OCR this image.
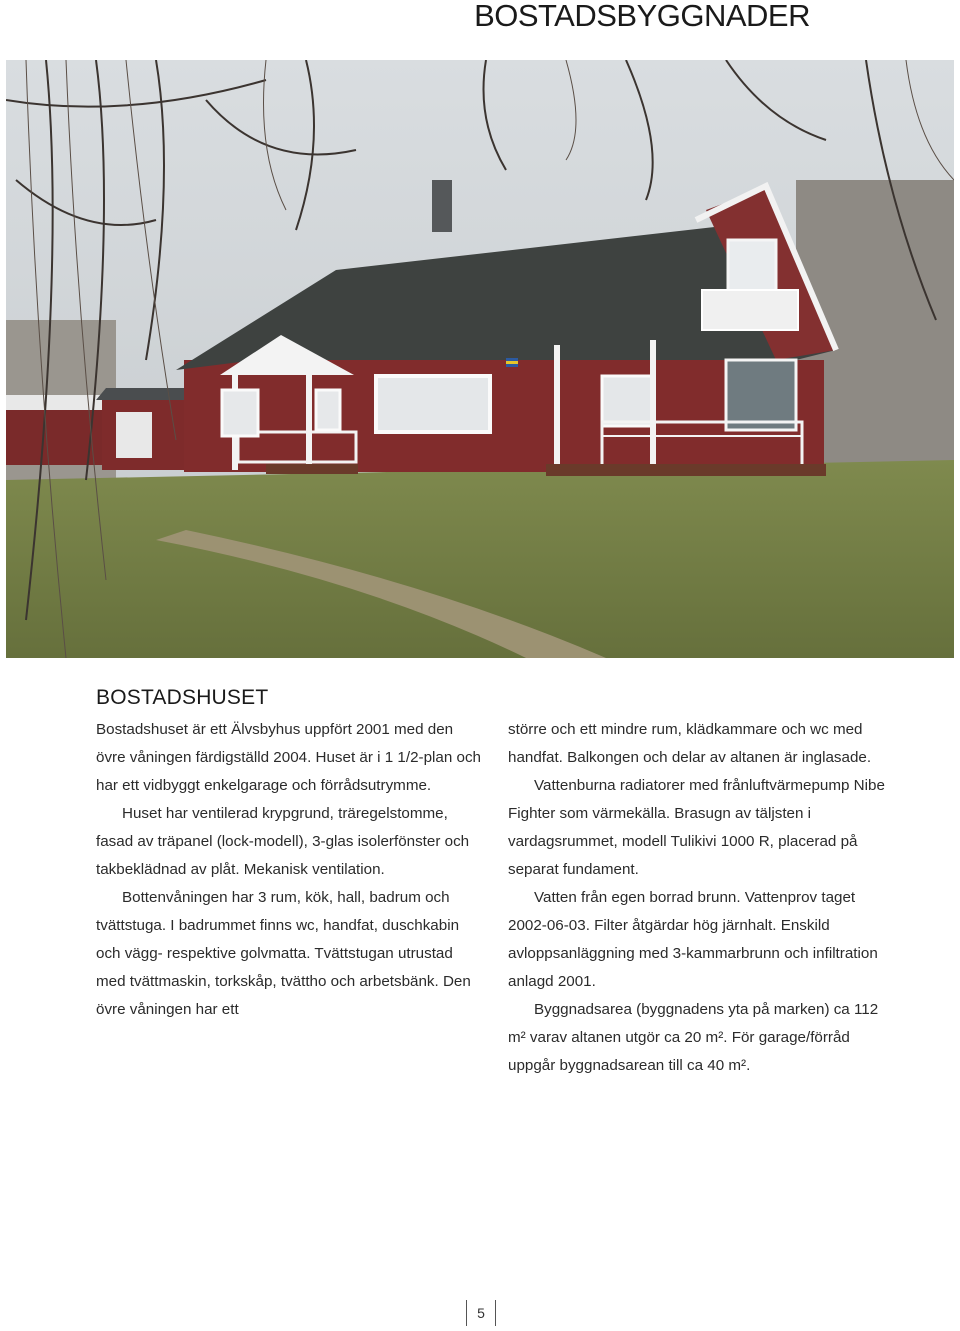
BOSTADSBYGGNADER
BOSTADSHUSET

Bostadshuset är ett Älvsbyhus uppfört 2001 med den övre våningen färdigställd 2004. Huset är i 1 1/2-plan och har ett vidbyggt enkelgarage och förrådsutrymme.

Huset har ventilerad krypgrund, träregelstomme, fasad av träpanel (lock-modell), 3-glas isolerfönster och takbeklädnad av plåt. Mekanisk ventilation.

Bottenvåningen har 3 rum, kök, hall, badrum och tvättstuga. I badrummet finns wc, handfat, duschkabin och vägg- respektive golvmatta. Tvättstugan utrustad med tvättmaskin, torkskåp, tvättho och arbetsbänk. Den övre våningen har ett

större och ett mindre rum, klädkammare och wc med handfat. Balkongen och delar av altanen är inglasade.

Vattenburna radiatorer med frånluftvärmepump Nibe Fighter som värmekälla. Brasugn av täljsten i vardagsrummet, modell Tulikivi 1000 R, placerad på separat fundament.

Vatten från egen borrad brunn. Vattenprov taget 2002-06-03. Filter åtgärdar hög järnhalt. Enskild avloppsanläggning med 3-kammarbrunn och infiltration anlagd 2001.

Byggnadsarea (byggnadens yta på marken) ca 112 m² varav altanen utgör ca 20 m². För garage/förråd uppgår byggnadsarean till ca 40 m².

5
